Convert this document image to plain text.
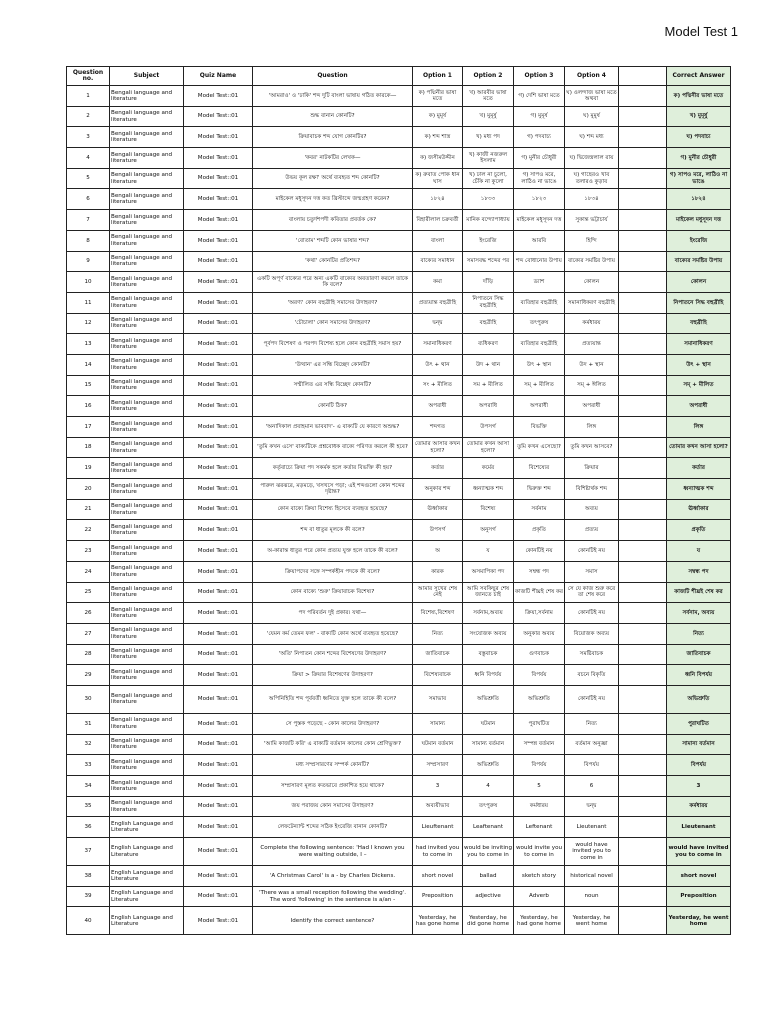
Model Test 1
Question no.	Subject	Quiz Name	Question	Option 1	Option 2	Option 3	Option 4		Correct Answer
1	Bengali language and literature	Model Test::01	'আমরাও' ও 'ঢাকি' শব্দ দুটি বাংলা ভাষায় গঠিত কারকে—	ক) পদ্মিনীর ভাষা মতে	খ) আরবীর ভাষা মতে	গ) দেশি ভাষা মতে	ঘ) ওলন্দাজ ভাষা মতে অথবা		ক) পদ্মিনীর ভাষা মতে
2	Bengali language and literature	Model Test::01	শুদ্ধ বানান কোনটি?	ক) মুমূর্ষ	খ) মুমূর্ষু	গ) মুমূর্ষ	ঘ) মুমুর্ষ		খ) মুমূর্ষু
3	Bengali language and literature	Model Test::01	ক্রিয়াবাচক শব্দ যোগ কোনটির?	ক) শব্দ শাস্ত্র	খ) মধ্য পদ	গ) পদবাচ্য	ঘ) শব্দ মধ্য		ঘ) পদবাচ্য
4	Bengali language and literature	Model Test::01	'কবর' নাটকটির লেখক—	ক) জসীমউদ্দীন	খ) কাজী নজরুল ইসলাম	গ) মুনীর চৌধুরী	ঘ) দ্বিজেন্দ্রলাল রায়		গ) মুনীর চৌধুরী
5	Bengali language and literature	Model Test::01	উভয় কূল রক্ষা' অর্থে ব্যবহৃত শব্দ কোনটি?	ক) রুবাত পোক ধান ঘাস	খ) ঢাল না চুলো, চেঁকি না কুলো	গ) সাপও মরে, লাঠিও না ভাঙে	ঘ) গাছেরও খাব তলারও কুড়াব		গ) সাপও মরে, লাঠিও না ভাঙে
6	Bengali language and literature	Model Test::01	মাইকেল মধুসূদন দত্ত কত খ্রিস্টাব্দে জন্মগ্রহণ করেন?	১৮২৪	১৮৩৩	১৮২৩	১৮৩৪		১৮২৪
7	Bengali language and literature	Model Test::01	বাংলায় চতুর্দশপদী কবিতার প্রবর্তক কে?	বিহারীলাল চক্রবর্তী	মানিক বন্দ্যোপাধ্যায়	মাইকেল মধুসূদন দত্ত	সুকান্ত ভট্টাচার্য		মাইকেল মধুসূদন দত্ত
8	Bengali language and literature	Model Test::01	'বোতাম' শব্দটি কোন ভাষার শব্দ?	বাংলা	ইংরেজি	আরবি	হিন্দি		ইংরেজি
9	Bengali language and literature	Model Test::01	'কথা' কোনটির প্রতিশব্দ?	বাক্যের সমাধান	সমাসবদ্ধ শব্দের পর	শব্দ বোধানোর উপায়	বাক্যের সমষ্টির উপায়		বাক্যের সমষ্টির উপায়
10	Bengali language and literature	Model Test::01	একটি অপূর্ণ বাক্যের পরে অন্য একটি বাক্যের অবতারণা করলে তাকে কি বলে?	কমা	দাঁড়ি	ড্যাশ	কোলন		কোলন
11	Bengali language and literature	Model Test::01	'অরণ্য' কোন বহুব্রীহি সমাসের উদাহরণ?	প্রত্যয়ান্ত বহুব্রীহি	নিপাতনে সিদ্ধ বহুব্রীহি	ব্যতিহার বহুব্রীহি	সমানাধিকরণ বহুব্রীহি		নিপাতনে সিদ্ধ বহুব্রীহি
12	Bengali language and literature	Model Test::01	'চৌচালা' কোন সমাসের উদাহরণ?	দ্বন্দ্ব	বহুব্রীহি	তৎপুরুষ	কর্মধারয়		বহুব্রীহি
13	Bengali language and literature	Model Test::01	পূর্বপদ বিশেষণ ও পরপদ বিশেষ্য হলে কোন বহুব্রীহি সমাস হয়?	সমানাধিকরণ	ব্যধিকরণ	ব্যতিহার বহুব্রীহি	প্রত্যয়ান্ত		সমানাধিকরণ
14	Bengali language and literature	Model Test::01	'উত্থান' এর সন্ধি বিচ্ছেদ কোনটি?	উৎ + থান	উদ + থান	উৎ + স্থান	উদ + স্থান		উৎ + স্থান
15	Bengali language and literature	Model Test::01	সম্মীলিত এর সন্ধি বিচ্ছেদ কোনটি?	সং + মীলিত	সম + মীলিত	সম্ + মীলিত	সম্ + ঈলিত		সম্ + মীলিত
16	Bengali language and literature	Model Test::01	কোনটি ঠিক?	অপরাধী	অপরাধি	অপরাধী	অপরাধী		অপরাধী
17	Bengali language and literature	Model Test::01	'অনাদিকাল প্রবাহমান ভাববাদ'- এ বাক্যটি যে কারণে অশুদ্ধ?	শব্দগত	উপসর্গ	বিভক্তি	লিঙ্গ		লিঙ্গ
18	Bengali language and literature	Model Test::01	'তুমি কখন এসে' বাক্যটিকে প্রশ্নবোধক বাক্যে পরিণত করলে কী হবে?	তোমার আসার কখন হলো?	তোমার কখন আসা হলো?	তুমি কখন এসেছো?	তুমি কখন আসবে?		তোমার কখন আসা হলো?
19	Bengali language and literature	Model Test::01	কর্তৃবাচ্যে ক্রিয়া পদ সকর্মক হলে কর্তার বিভক্তি কী হয়?	কর্তার	কর্মের	বিশেষ্যের	ক্রিয়ার		কর্তার
20	Bengali language and literature	Model Test::01	পারুল ঝরঝরে, মড়মড়ে, খসখসে পড়া; এই শব্দগুলো কোন শব্দের দৃষ্টান্ত?	অনুকার শব্দ	ধ্বন্যাত্মক শব্দ	দ্বিরুক্ত শব্দ	বিশিষ্টার্থক শব্দ		ধ্বন্যাত্মক শব্দ
21	Bengali language and literature	Model Test::01	কোন বাক্যে ক্রিয়া বিশেষ্য হিসেবে ব্যবহৃত হয়েছে?	ঊর্ধ্বাকার	বিশেষ্য	সর্বনাম	অব্যয়		ঊর্ধ্বাকার
22	Bengali language and literature	Model Test::01	শব্দ বা ধাতুর মূলকে কী বলে?	উপসর্গ	অনুসর্গ	প্রকৃতি	প্রত্যয়		প্রকৃতি
23	Bengali language and literature	Model Test::01	অ-কারান্ত ধাতুর পরে কোন প্রত্যয় যুক্ত হলে তাকে কী বলে?	অ	য	কোনটিই নয়	কোনটিই নয়		য
24	Bengali language and literature	Model Test::01	ক্রিয়াপদের সঙ্গে সম্পর্কহীন পদকে কী বলে?	কারক	অসমাপিকা পদ	সম্বন্ধ পদ	সমাস		সম্বন্ধ পদ
25	Bengali language and literature	Model Test::01	কোন বাক্যে 'শুরু' ক্রিয়াবাচক বিশেষ্য?	আমার সুখের শেষ নেই	আমি সবকিছুর শেষ জানতে চাই	কাজটি শীঘ্রই শেষ কর	সে যে কাজ শুরু করে তা শেষ করে		কাজটি শীঘ্রই শেষ কর
26	Bengali language and literature	Model Test::01	পদ পরিবর্তন দুই প্রকার। যথা—	বিশেষ্য,বিশেষণ	সর্বনাম,অব্যয়	ক্রিয়া,সর্বনাম	কোনটিই নয়		সর্বনাম, অব্যয়
27	Bengali language and literature	Model Test::01	'যেমন কর্ম তেমন ফল' - বাক্যটি কোন অর্থে ব্যবহৃত হয়েছে?	নিত্য	সংযোজক অব্যয়	অনুকার অব্যয়	বিয়োজক অব্যয়		নিত্য
28	Bengali language and literature	Model Test::01	'অতি' নিপাতন কোন শব্দের বিশেষণের উদাহরণ?	জাতিবাচক	বস্তুবাচক	গুণবাচক	সমষ্টিবাচক		জাতিবাচক
29	Bengali language and literature	Model Test::01	ক্রিয়া > ক্রিয়ার বিশেষণের উদাহরণ?	বিশেষ্যবাচক	ধ্বনি বিপর্যয়	বিপর্যয়	বচনে বিকৃতি		ধ্বনি বিপর্যয়
30	Bengali language and literature	Model Test::01	অপিনিহিতি শব্দ পূর্ববর্তী ধ্বনিতে যুক্ত হলে তাকে কী বলে?	সমাভাব	অভিশ্রুতি	অভিশ্রুতি	কোনটিই নয়		অভিশ্রুতি
31	Bengali language and literature	Model Test::01	সে পুস্তক পড়েছে - কোন কালের উদাহরণ?	সামান্য	ঘটমান	পুরাঘটিত	নিত্য		পুরাঘটিত
32	Bengali language and literature	Model Test::01	'আমি কাজটি করি' এ বাক্যটি বর্তমান কালের কোন শ্রেণিভুক্ত?	ঘটমান বর্তমান	সামান্য বর্তমান	সম্পন্ন বর্তমান	বর্তমান অনুজ্ঞা		সামান্য বর্তমান
33	Bengali language and literature	Model Test::01	মধ্য সম্প্রসারণের সম্পর্ক কোনটি?	সম্প্রসারণ	অভিশ্রুতি	বিপর্যয়	বিপর্যয়		বিপর্যয়
34	Bengali language and literature	Model Test::01	সম্প্রসারণ মূলত কতভাবে প্রকাশিত হয়ে থাকে?	3	4	5	6		3
35	Bengali language and literature	Model Test::01	জয় পরাজয় কোন সমাসের উদাহরণ?	অব্যয়ীভাব	তৎপুরুষ	কর্মধারয়	দ্বন্দ্ব		কর্মধারয়
36	English Language and Literature	Model Test::01	লেফটেন্যান্ট শব্দের সঠিক ইংরেজি বানান কোনটি?	Lieuftenant	Leaftenant	Leftenant	Lieutenant		Lieutenant
37	English Language and Literature	Model Test::01	Complete the following sentence: 'Had I known you were waiting outside, I –	had invited you to come in	would be inviting you to come in	would invite you to come in	would have invited you to come in		would have invited you to come in
38	English Language and Literature	Model Test::01	'A Christmas Carol' is a - by Charles Dickens.	short novel	ballad	sketch story	historical novel		short novel
39	English Language and Literature	Model Test::01	'There was a small reception following the wedding'. The word 'following' in the sentence is a/an -	Preposition	adjective	Adverb	noun		Preposition
40	English Language and Literature	Model Test::01	Identify the correct sentence?	Yesterday, he has gone home	Yesterday, he did gone home	Yesterday, he had gone home	Yesterday, he went home		Yesterday, he went home
